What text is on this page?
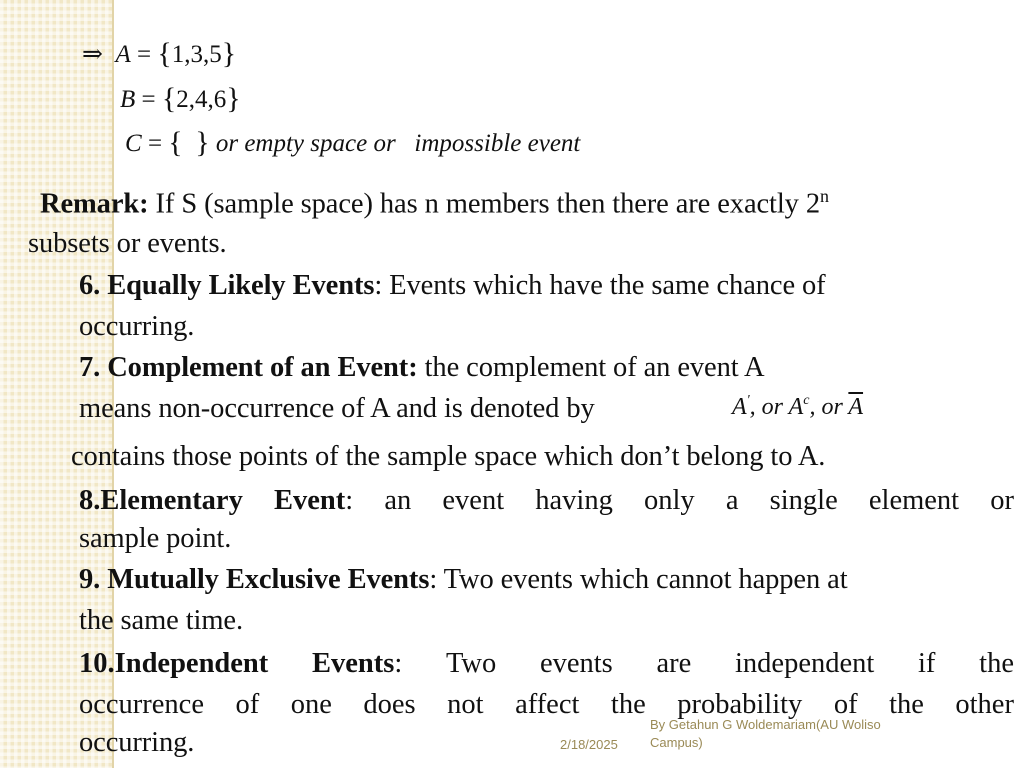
⇒ A = {1,3,5}
B = {2,4,6}
C = { } or empty space or   impossible event
Remark: If S (sample space) has n members then there are exactly 2$^n$
subsets or events.
6. Equally Likely Events: Events which have the same chance of
occurring.
7. Complement of an Event: the complement of an event A
means non-occurrence of A and is denoted by	A', or $A^c$, or $\overline{A}$
contains those points of the sample space which don’t belong to A.
8.Elementary Event: an event having only a single element or
sample point.
9. Mutually Exclusive Events: Two events which cannot happen at
the same time.
10.Independent Events: Two events are independent if the
occurrence of one does not affect the probability of the other
occurring.	2/18/2025
By Getahun G Woldemariam(AU Woliso
Campus)
